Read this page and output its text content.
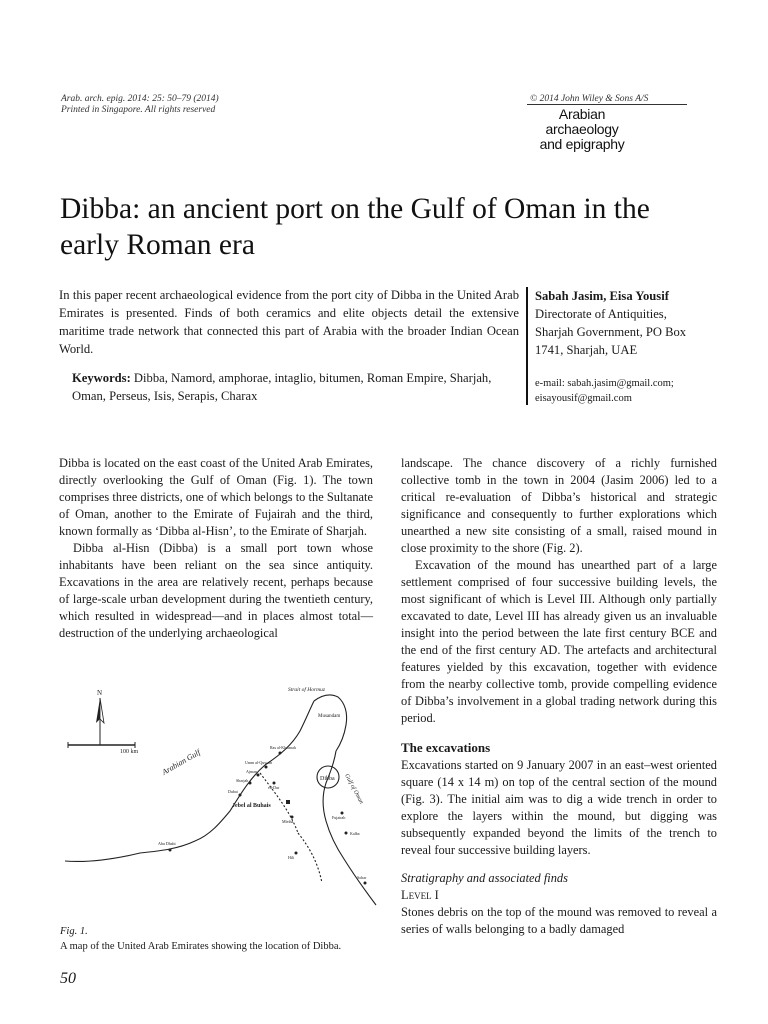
Arab. arch. epig. 2014: 25: 50–79 (2014)
Printed in Singapore. All rights reserved
© 2014 John Wiley & Sons A/S
Arabian archaeology
and epigraphy
Dibba: an ancient port on the Gulf of Oman in the
early Roman era
In this paper recent archaeological evidence from the port city of Dibba in the United Arab Emirates is presented. Finds of both ceramics and elite objects detail the extensive maritime trade network that connected this part of Arabia with the broader Indian Ocean World.
Keywords: Dibba, Namord, amphorae, intaglio, bitumen, Roman Empire, Sharjah, Oman, Perseus, Isis, Serapis, Charax
Sabah Jasim, Eisa Yousif
Directorate of Antiquities,
Sharjah Government, PO Box
1741, Sharjah, UAE
e-mail: sabah.jasim@gmail.com;
eisayousif@gmail.com

Dibba is located on the east coast of the United Arab Emirates, directly overlooking the Gulf of Oman (Fig. 1). The town comprises three districts, one of which belongs to the Sultanate of Oman, another to the Emirate of Fujairah and the third, known formally as ‘Dibba al-Hisn’, to the Emirate of Sharjah.

Dibba al-Hisn (Dibba) is a small port town whose inhabitants have been reliant on the sea since antiquity. Excavations in the area are relatively recent, perhaps because of large-scale urban development during the twentieth century, which resulted in widespread—and in places almost total—destruction of the underlying archaeological

N
100 km
Strait of Hormuz
Musandam
Dibba Gulf of Oman
Arabian Gulf
Jebel al Buhais
Ras al-Khaimah
Umm al-Quwain
Ajman
Sharjah
Dubai
Mleiha
ed-Dur
Fujairah
Kalba
Abu Dhabi
Sohar
Hili
Fig. 1.
A map of the United Arab Emirates showing the location of Dibba.
50

landscape. The chance discovery of a richly furnished collective tomb in the town in 2004 (Jasim 2006) led to a critical re-evaluation of Dibba’s historical and strategic significance and consequently to further explorations which unearthed a new site consisting of a small, raised mound in close proximity to the shore (Fig. 2).

Excavation of the mound has unearthed part of a large settlement comprised of four successive building levels, the most significant of which is Level III. Although only partially excavated to date, Level III has already given us an invaluable insight into the period between the late first century BCE and the end of the first century AD. The artefacts and architectural features yielded by this excavation, together with evidence from the nearby collective tomb, provide compelling evidence of Dibba’s involvement in a global trading network during this period.

The excavations

Excavations started on 9 January 2007 in an east–west oriented square (14 x 14 m) on top of the central section of the mound (Fig. 3). The initial aim was to dig a wide trench in order to explore the layers within the mound, but digging was subsequently expanded beyond the limits of the trench to reveal four successive building layers.

Stratigraphy and associated finds
Level I

Stones debris on the top of the mound was removed to reveal a series of walls belonging to a badly damaged
